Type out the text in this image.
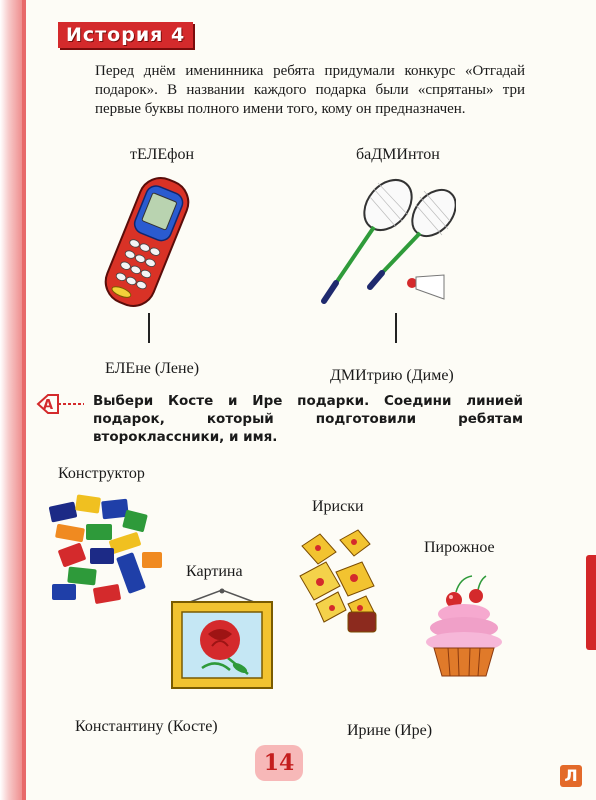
История 4
Перед днём именинника ребята придумали конкурс «Отгадай подарок». В названии каждого подарка были «спрятаны» три первые буквы полного имени того, кому он предназначен.
тЕЛЕфон
ЕЛЕне (Лене)
баДМИнтон
ДМИтрию (Диме)
А	Выбери Косте и Ире подарки. Соедини линией подарок, который подготовили ребятам второклассники, и имя.
Конструктор
Картина
Ириски
Пирожное
Константину (Косте)	Ирине (Ире)
14	Л
